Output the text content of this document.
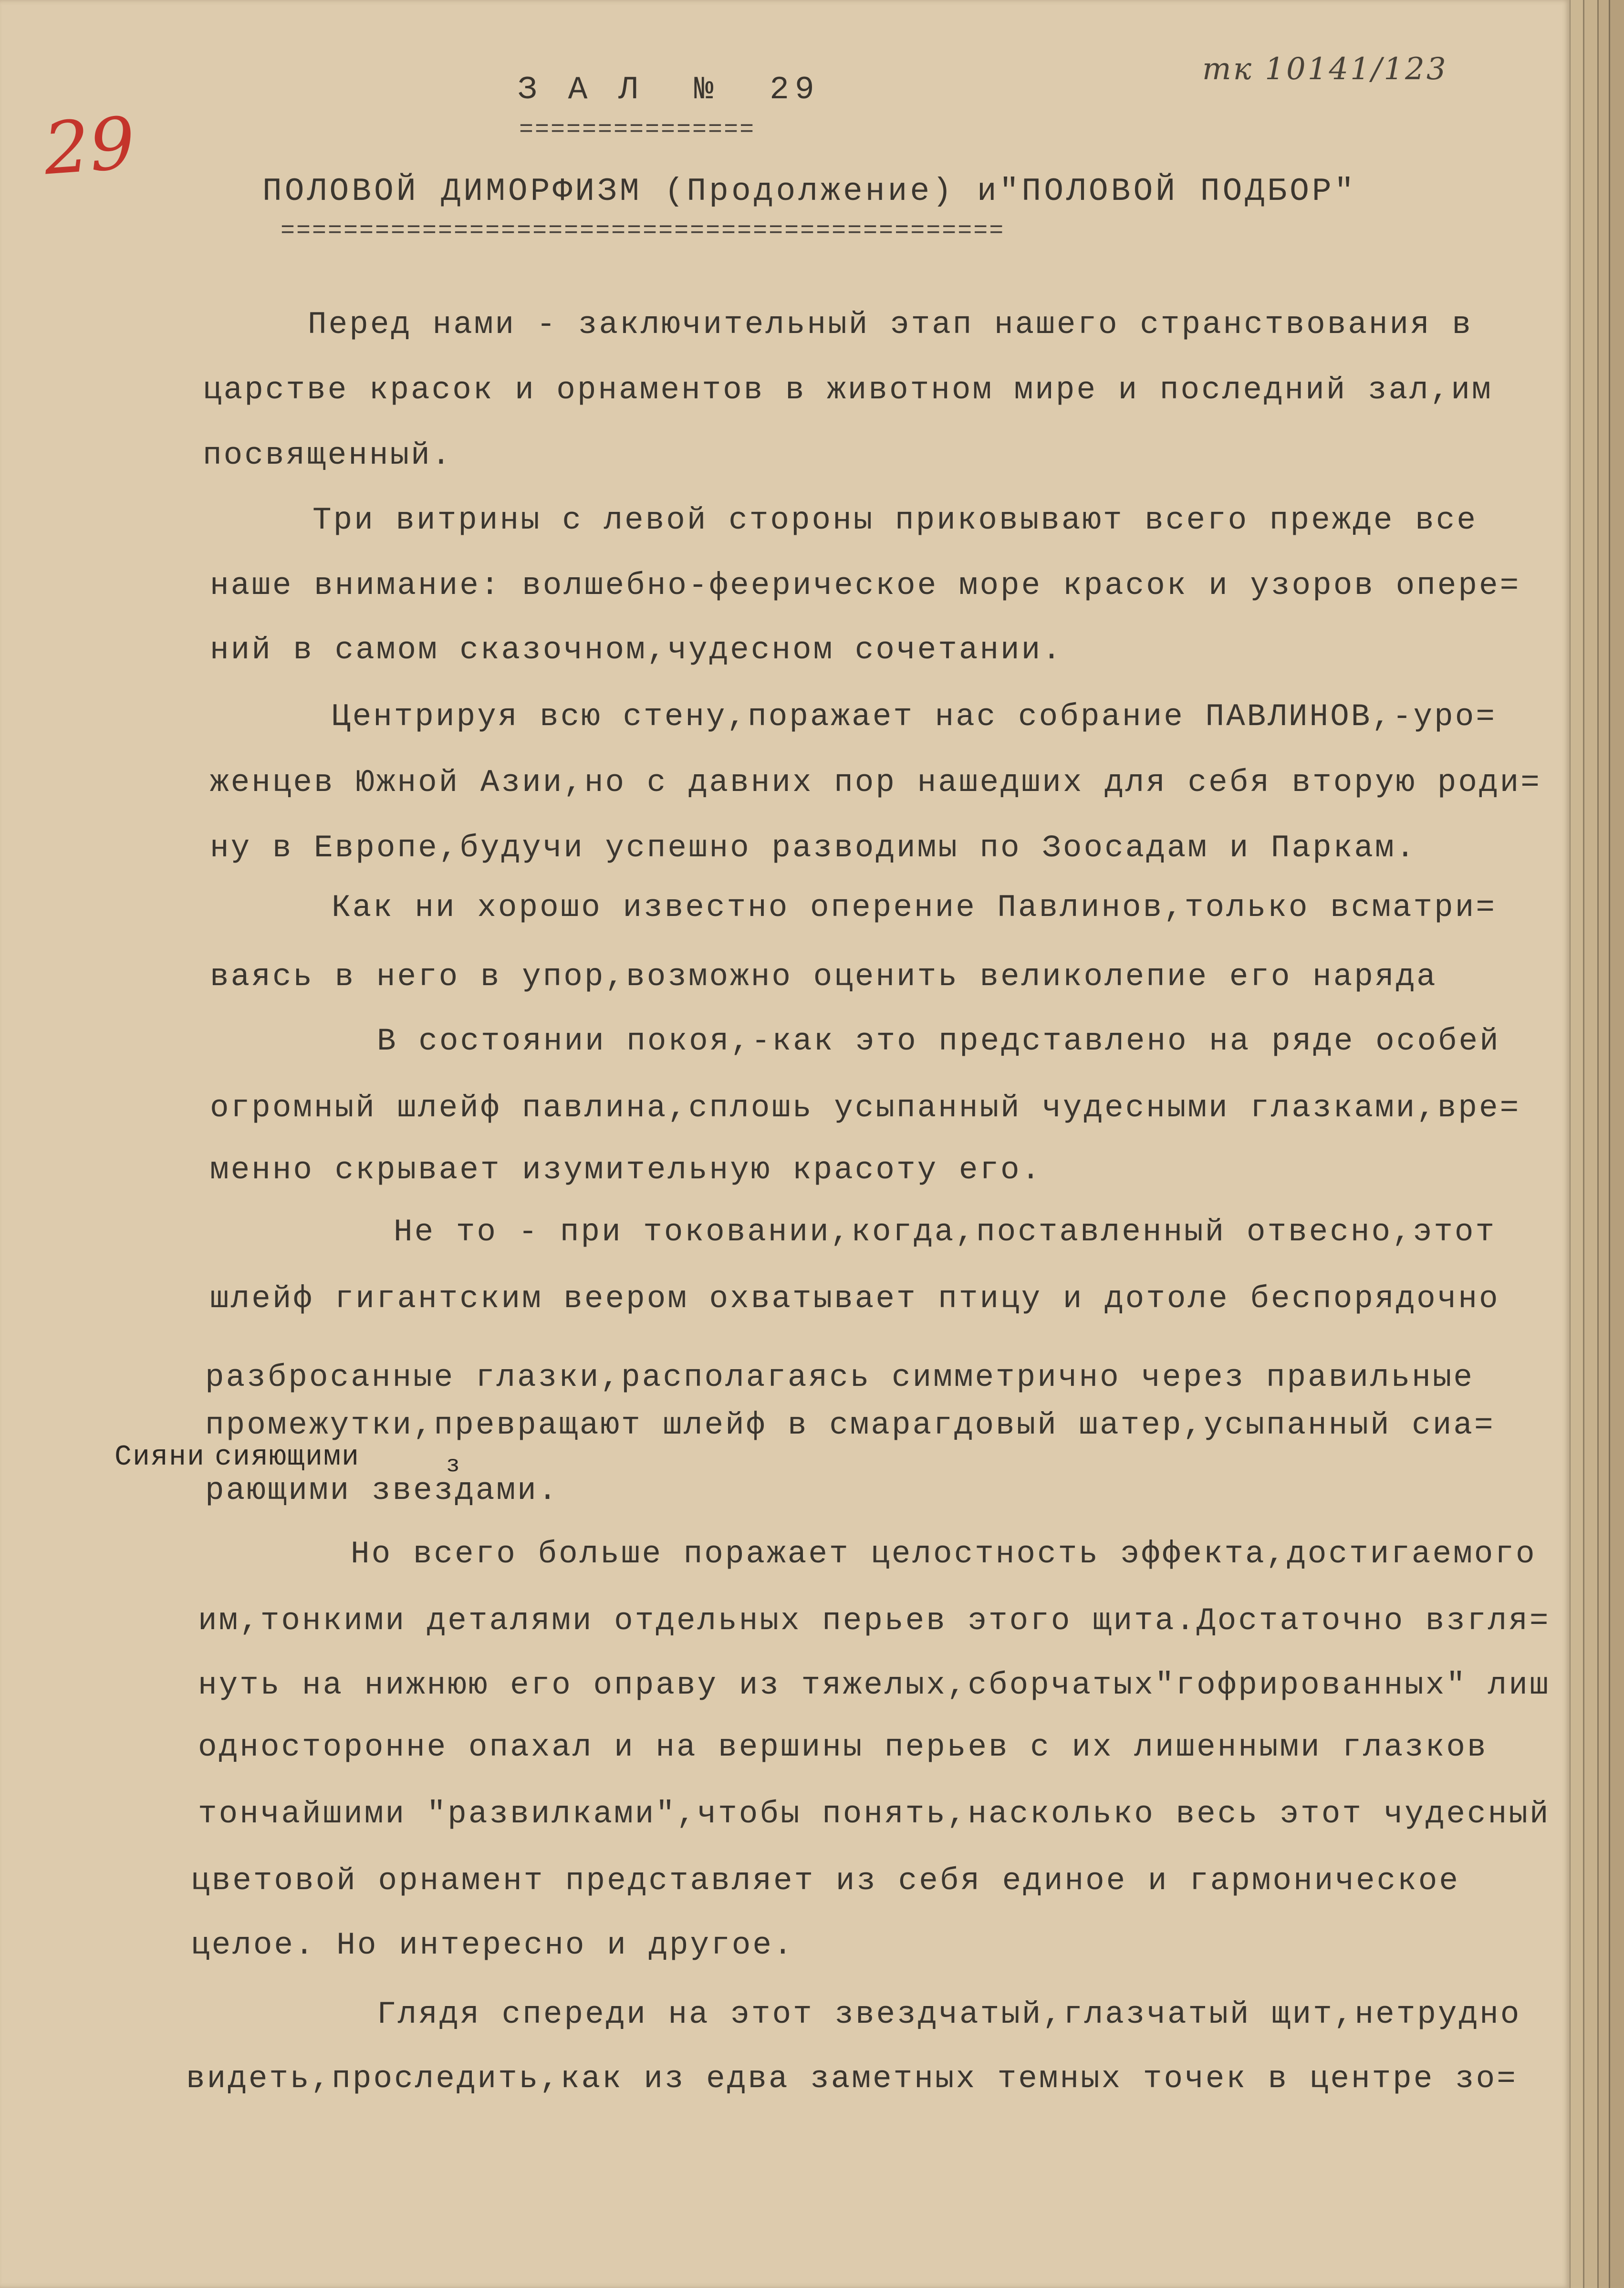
29
тк 10141/123
З А Л  №  29
===============
ПОЛОВОЙ ДИМОРФИЗМ (Продолжение) и"ПОЛОВОЙ ПОДБОР"
==============================================
Перед нами - заключительный этап нашего странствования в
царстве красок и орнаментов в животном мире и последний зал,им
посвященный.
Три витрины с левой стороны приковывают всего прежде все
наше внимание: волшебно-феерическое море красок и узоров опере=
ний в самом сказочном,чудесном сочетании.
Центрируя всю стену,поражает нас собрание ПАВЛИНОВ,-уро=
женцев Южной Азии,но с давних пор нашедших для себя вторую роди=
ну в Европе,будучи успешно разводимы по Зоосадам и Паркам.
Как ни хорошо известно оперение Павлинов,только всматри=
ваясь в него в упор,возможно оценить великолепие его наряда
В состоянии покоя,-как это представлено на ряде особей
огромный шлейф павлина,сплошь усыпанный чудесными глазками,вре=
менно скрывает изумительную красоту его.
Не то - при токовании,когда,поставленный отвесно,этот
шлейф гигантским веером охватывает птицу и дотоле беспорядочно
разбросанные глазки,располагаясь симметрично через правильные
промежутки,превращают шлейф в смарагдовый шатер,усыпанный сиа=
Сияни сияющими	з
рающими звездами.
Но всего больше поражает целостность эффекта,достигаемого
им,тонкими деталями отдельных перьев этого щита.Достаточно взгля=
нуть на нижнюю его оправу из тяжелых,сборчатых"гофрированных" лиш
односторонне опахал и на вершины перьев с их лишенными глазков
тончайшими "развилками",чтобы понять,насколько весь этот чудесный
цветовой орнамент представляет из себя единое и гармоническое
целое. Но интересно и другое.
Глядя спереди на этот звездчатый,глазчатый щит,нетрудно
видеть,проследить,как из едва заметных темных точек в центре зо=
